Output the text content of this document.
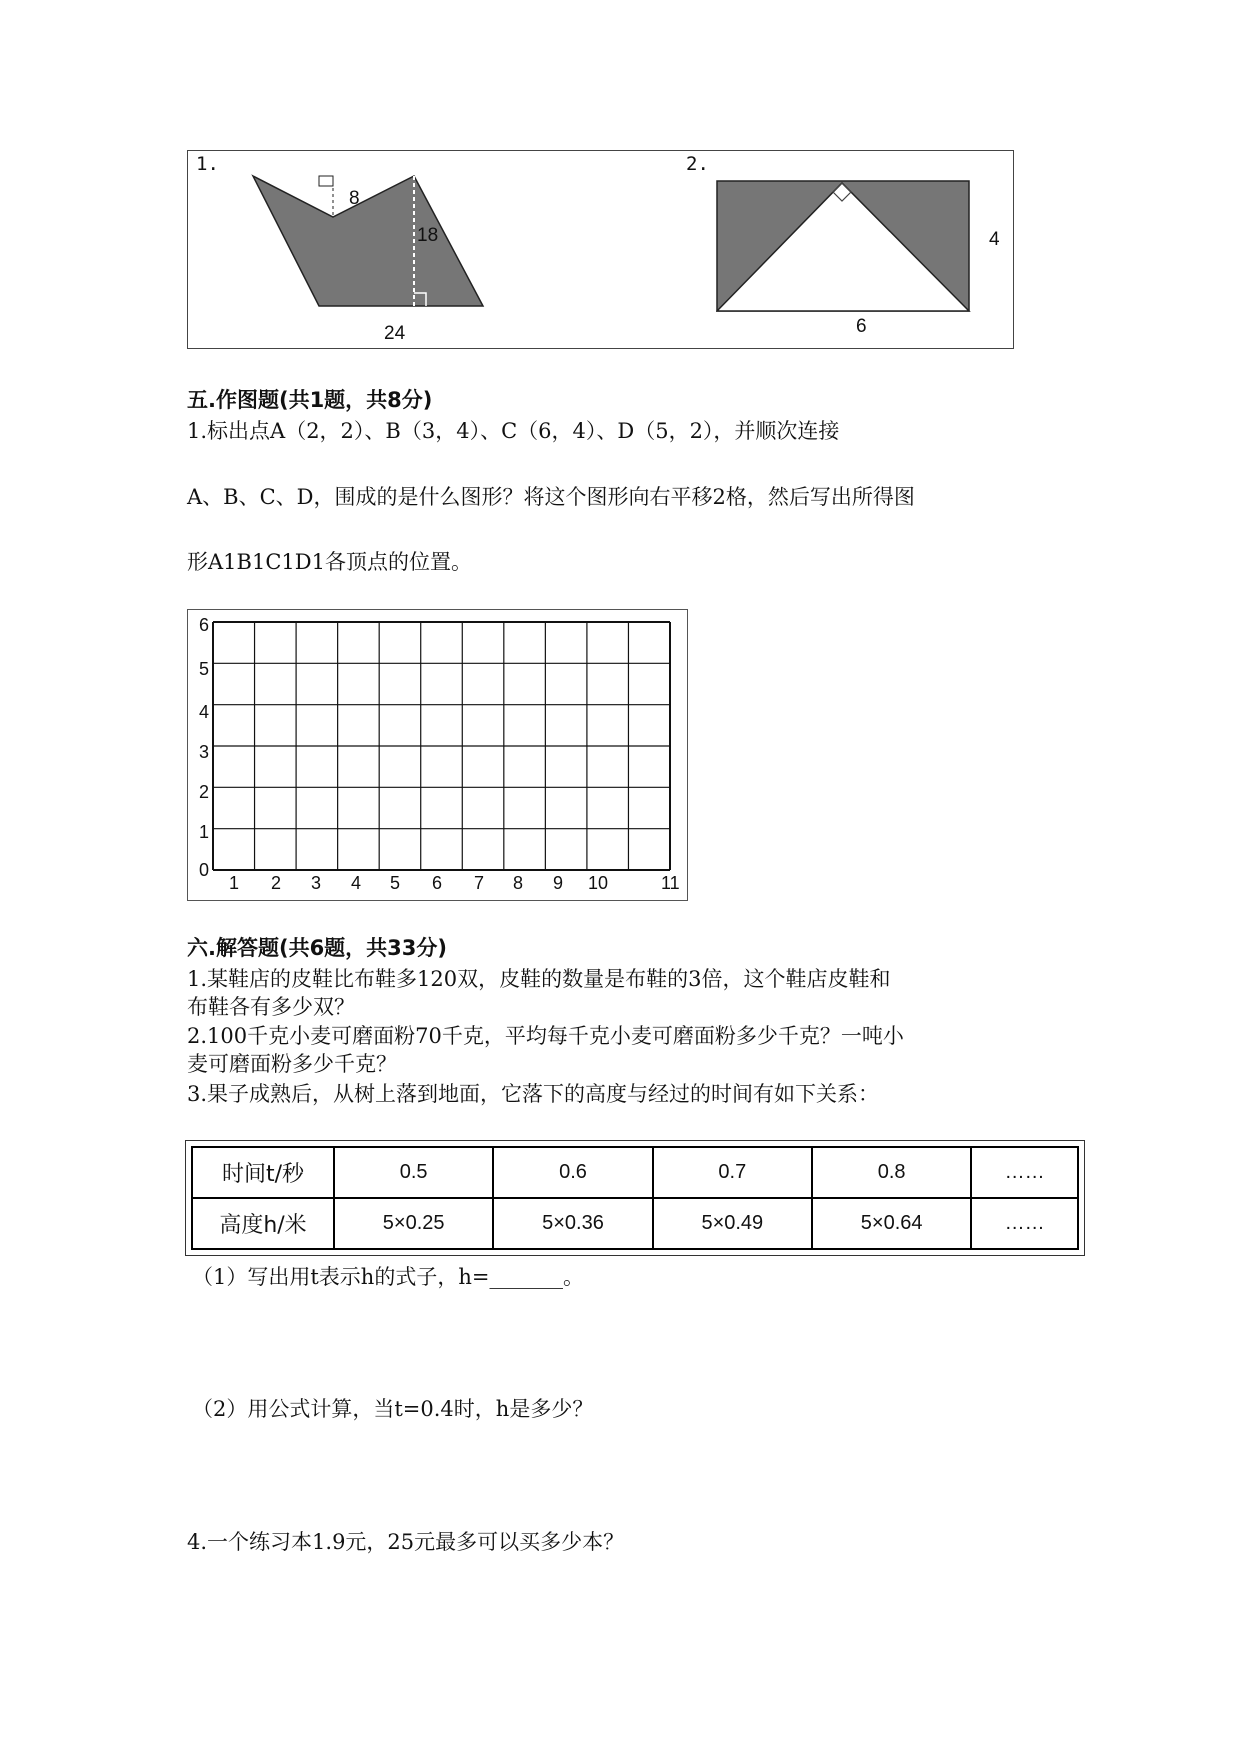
1.	2.
8
18
24
4
6
五.作图题(共1题，共8分)
1.标出点A（2，2）、B（3，4）、C（6，4）、D（5，2），并顺次连接
A、B、C、D，围成的是什么图形？将这个图形向右平移2格，然后写出所得图
形A1B1C1D1各顶点的位置。
0
1
2
3
4
5
6
1 2 3 4 5 6 7 8 9 10	11
六.解答题(共6题，共33分)
1.某鞋店的皮鞋比布鞋多120双，皮鞋的数量是布鞋的3倍，这个鞋店皮鞋和
布鞋各有多少双？
2.100千克小麦可磨面粉70千克，平均每千克小麦可磨面粉多少千克？一吨小
麦可磨面粉多少千克？
3.果子成熟后，从树上落到地面，它落下的高度与经过的时间有如下关系：
时间t/秒	0.5	0.6	0.7	0.8	……
高度h/米	5×0.25	5×0.36	5×0.49	5×0.64	……
（1）写出用t表示h的式子，h=_______。
（2）用公式计算，当t=0.4时，h是多少？
4.一个练习本1.9元，25元最多可以买多少本？
